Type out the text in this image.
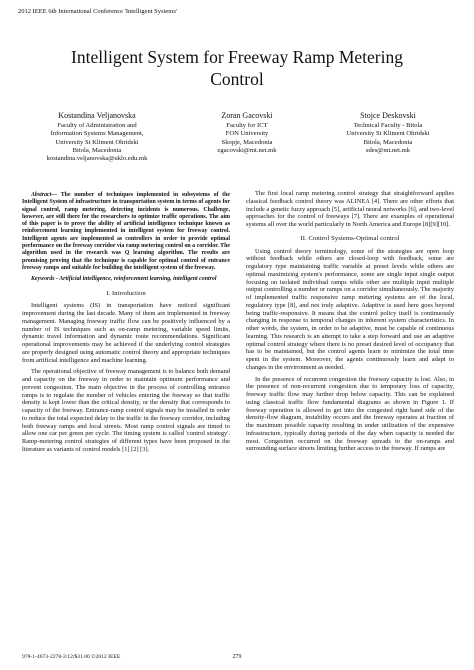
2012 IEEE 6th International Conference 'Intelligent Systems'
Intelligent System for Freeway Ramp Metering
Control
Kostandina Veljanovska
Faculty of Administration and
Information Systems Management,
University St Kliment Ohridski
Bitola, Macedonia
kostandina.veljanovska@uklo.edu.mk
Zoran Gacovski
Faculty for ICT
FON University
Skopje, Macedonia
zgacovski@mt.net.mk
Stojce Deskovski
Technical Faculty - Bitola
University St Kliment Ohridski
Bitola, Macedonia
sdes@mt.net.mk

Abstract— The number of techniques implemented in subsystems of the Intelligent System of infrastructure in transportation system in terms of agents for signal control, ramp metering, detecting incidents is numerous. Challenge, however, are still there for the researchers to optimize traffic operations. The aim of this paper is to prove the ability of artificial intelligence technique known as reinforcement learning implemented in intelligent system for freeway control. Intelligent agents are implemented as controllers in order to provide optimal performance on the freeway corridor via ramp metering control on a corridor. The algorithm used in the research was Q learning algorithm. The results are promising proving that the technique is capable for optimal control of entrance freeway ramps and suitable for building the intelligent system of the freeway.

Keywords - Artificial intelligence, reinforcement learning, intelligent control

I. Introduction

Intelligent systems (IS) in transportation have noticed significant improvement during the last decade. Many of them are implemented in freeway management. Managing freeway traffic flow can be positively influenced by a number of IS techniques such as on-ramp metering, variable speed limits, dynamic travel information and dynamic route recommendations. Significant operational improvements may be achieved if the underlying control strategies are properly designed using automatic control theory and appropriate techniques from artificial intelligence and machine learning.

The operational objective of freeway management is to balance both demand and capacity on the freeway in order to maintain optimum performance and prevent congestion. The main objective in the process of controlling entrance ramps is to regulate the number of vehicles entering the freeway so that traffic density is kept lower than the critical density, or the density that corresponds to capacity of the freeway. Entrance-ramp control signals may be installed in order to reduce the total expected delay to the traffic in the freeway corridor, including both freeway ramps and local streets. Most ramp control signals are timed to allow one car per green per cycle. The timing system is called 'control strategy'. Ramp-metering control strategies of different types have been proposed in the literature as variants of control models [1] [2] [3].

The first local ramp metering control strategy that straightforward applies classical feedback control theory was ALINEA [4]. There are other efforts that include a genetic fuzzy approach [5], artificial neural networks [6], and two-level approaches for the control of freeways [7]. There are examples of operational systems all over the world particularly in North America and Europe [8][9][10].

II. Control Systems-Optimal control

Using control theory terminology, some of the strategies are open loop without feedback while others are closed-loop with feedback; some are regulatory type maintaining traffic variable at preset levels while others are optimal maximizing system's performance, some are single input single output focusing on isolated individual ramps while other are multiple input multiple output controlling a number or ramps on a corridor simultaneously. The majority of implemented traffic responsive ramp metering systems are of the local, regulatory type [8], and not truly adaptive. Adaptive is used here goes beyond being traffic-responsive. It means that the control policy itself is continuously changing in response to temporal changes in inherent system characteristics. In other words, the system, in order to be adaptive, must be capable of continuous learning. This research is an attempt to take a step forward and use an adaptive optimal control strategy where there is no preset desired level of occupancy that has to be maintained, but the control agents learn to minimize the total time spent in the system. Moreover, the agents continuously learn and adapt to changes in the environment as needed.

In the presence of recurrent congestion the freeway capacity is lost. Also, in the presence of non-recurrent congestion due to temporary loss of capacity, freeway traffic flow may further drop below capacity. This can be explained using classical traffic flow fundamental diagrams as shown in Figure 1. If freeway operation is allowed to get into the congested right hand side of the density-flow diagram, instability occurs and the freeway operates at fraction of the maximum possible capacity resulting in under utilization of the expensive infrastructure, typically during periods of the day when capacity is needed the most. Congestion occurred on the freeway spreads to the on-ramps and surrounding surface streets limiting further access to the freeway. If ramps are

978-1-4673-2278-2/12/$31.00 ©2012 IEEE	279
